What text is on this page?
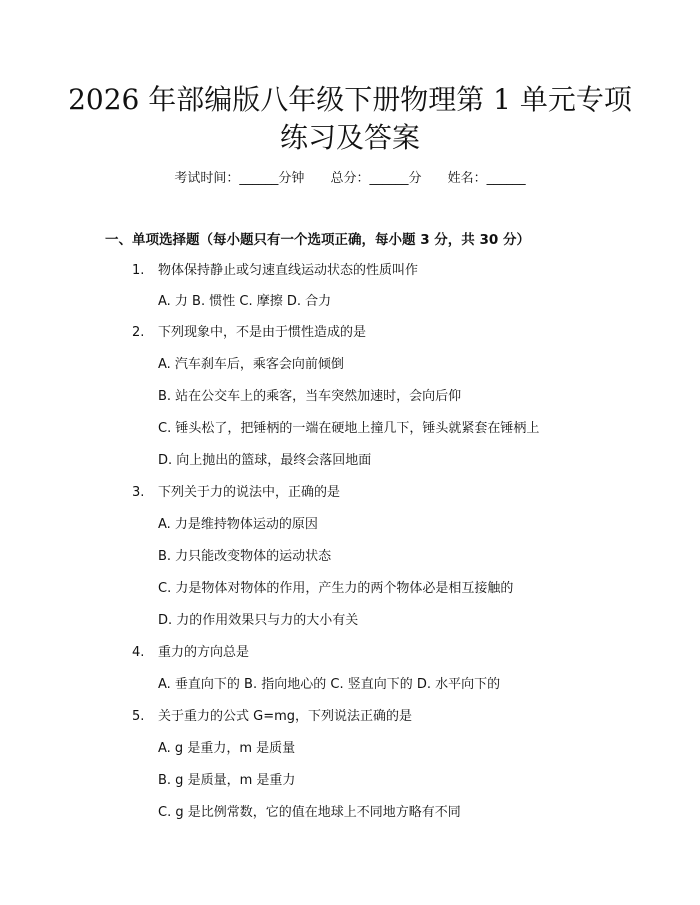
2026 年部编版八年级下册物理第 1 单元专项
练习及答案
考试时间：______分钟 总分：______分 姓名：______
一、单项选择题（每小题只有一个选项正确，每小题 3 分，共 30 分）
1. 物体保持静止或匀速直线运动状态的性质叫作
A. 力 B. 惯性 C. 摩擦 D. 合力
2. 下列现象中，不是由于惯性造成的是
A. 汽车刹车后，乘客会向前倾倒
B. 站在公交车上的乘客，当车突然加速时，会向后仰
C. 锤头松了，把锤柄的一端在硬地上撞几下，锤头就紧套在锤柄上
D. 向上抛出的篮球，最终会落回地面
3. 下列关于力的说法中，正确的是
A. 力是维持物体运动的原因
B. 力只能改变物体的运动状态
C. 力是物体对物体的作用，产生力的两个物体必是相互接触的
D. 力的作用效果只与力的大小有关
4. 重力的方向总是
A. 垂直向下的 B. 指向地心的 C. 竖直向下的 D. 水平向下的
5. 关于重力的公式 G=mg，下列说法正确的是
A. g 是重力，m 是质量
B. g 是质量，m 是重力
C. g 是比例常数，它的值在地球上不同地方略有不同
